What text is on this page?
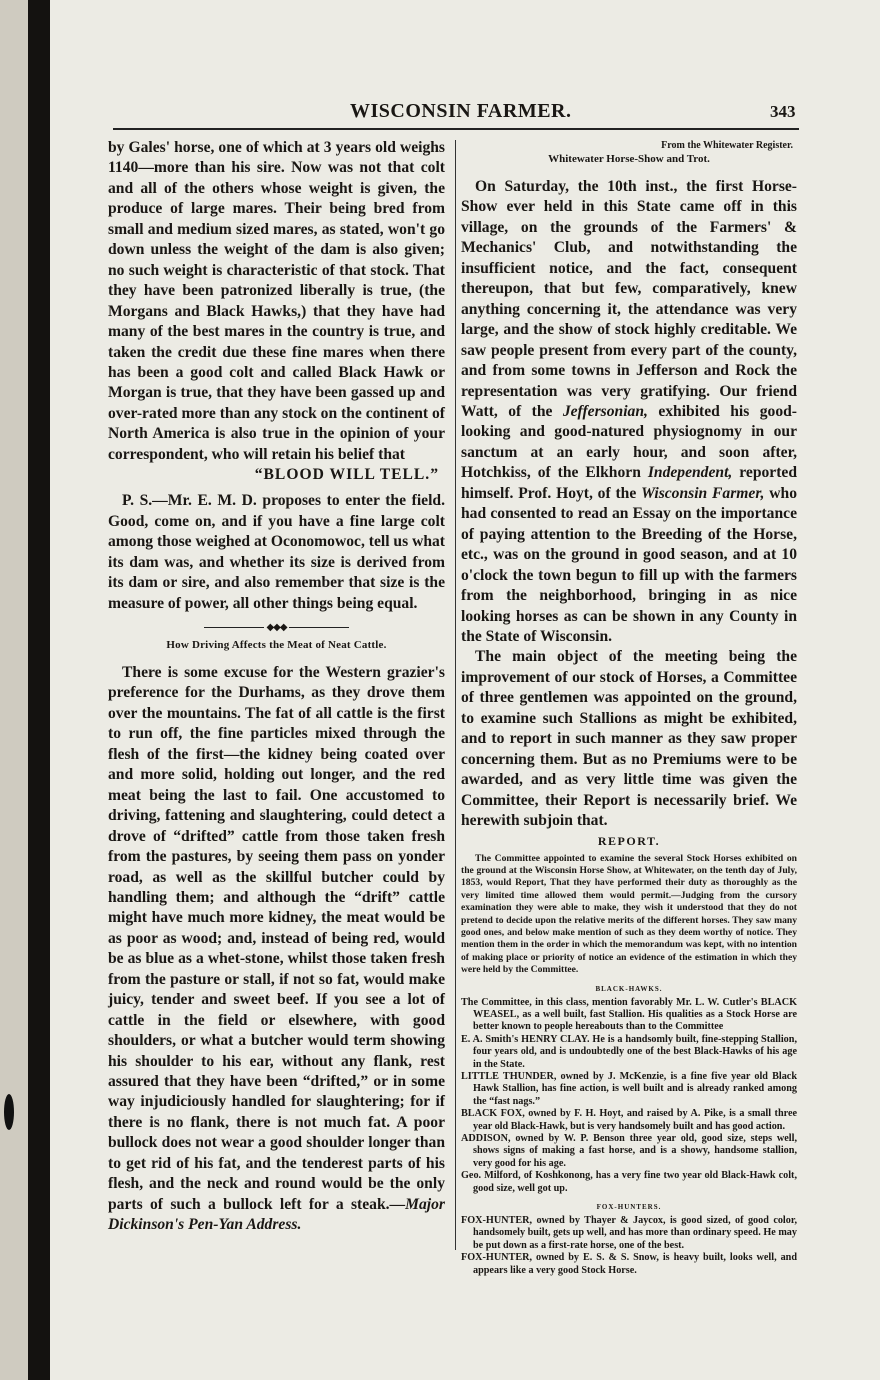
WISCONSIN FARMER.	343

by Gales' horse, one of which at 3 years old weighs 1140—more than his sire. Now was not that colt and all of the others whose weight is given, the produce of large mares. Their being bred from small and medium sized mares, as stated, won't go down unless the weight of the dam is also given; no such weight is characteristic of that stock. That they have been patronized liberally is true, (the Morgans and Black Hawks,) that they have had many of the best mares in the country is true, and taken the credit due these fine mares when there has been a good colt and called Black Hawk or Morgan is true, that they have been gassed up and over-rated more than any stock on the continent of North America is also true in the opinion of your correspondent, who will retain his belief that

“BLOOD WILL TELL.”

P. S.—Mr. E. M. D. proposes to enter the field. Good, come on, and if you have a fine large colt among those weighed at Oconomowoc, tell us what its dam was, and whether its size is derived from its dam or sire, and also remember that size is the measure of power, all other things being equal.

◆◆◆
How Driving Affects the Meat of Neat Cattle.

There is some excuse for the Western grazier's preference for the Durhams, as they drove them over the mountains. The fat of all cattle is the first to run off, the fine particles mixed through the flesh of the first—the kidney being coated over and more solid, holding out longer, and the red meat being the last to fail. One accustomed to driving, fattening and slaughtering, could detect a drove of “drifted” cattle from those taken fresh from the pastures, by seeing them pass on yonder road, as well as the skillful butcher could by handling them; and although the “drift” cattle might have much more kidney, the meat would be as poor as wood; and, instead of being red, would be as blue as a whet-stone, whilst those taken fresh from the pasture or stall, if not so fat, would make juicy, tender and sweet beef. If you see a lot of cattle in the field or elsewhere, with good shoulders, or what a butcher would term showing his shoulder to his ear, without any flank, rest assured that they have been “drifted,” or in some way injudiciously handled for slaughtering; for if there is no flank, there is not much fat. A poor bullock does not wear a good shoulder longer than to get rid of his fat, and the tenderest parts of his flesh, and the neck and round would be the only parts of such a bullock left for a steak.—Major Dickinson's Pen-Yan Address.

From the Whitewater Register.
Whitewater Horse-Show and Trot.

On Saturday, the 10th inst., the first Horse-Show ever held in this State came off in this village, on the grounds of the Farmers' & Mechanics' Club, and notwithstanding the insufficient notice, and the fact, consequent thereupon, that but few, comparatively, knew anything concerning it, the attendance was very large, and the show of stock highly creditable. We saw people present from every part of the county, and from some towns in Jefferson and Rock the representation was very gratifying. Our friend Watt, of the Jeffersonian, exhibited his good-looking and good-natured physiognomy in our sanctum at an early hour, and soon after, Hotchkiss, of the Elkhorn Independent, reported himself. Prof. Hoyt, of the Wisconsin Farmer, who had consented to read an Essay on the importance of paying attention to the Breeding of the Horse, etc., was on the ground in good season, and at 10 o'clock the town begun to fill up with the farmers from the neighborhood, bringing in as nice looking horses as can be shown in any County in the State of Wisconsin.

The main object of the meeting being the improvement of our stock of Horses, a Committee of three gentlemen was appointed on the ground, to examine such Stallions as might be exhibited, and to report in such manner as they saw proper concerning them. But as no Premiums were to be awarded, and as very little time was given the Committee, their Report is necessarily brief. We herewith subjoin that.

REPORT.

The Committee appointed to examine the several Stock Horses exhibited on the ground at the Wisconsin Horse Show, at Whitewater, on the tenth day of July, 1853, would Report, That they have performed their duty as thoroughly as the very limited time allowed them would permit.—Judging from the cursory examination they were able to make, they wish it understood that they do not pretend to decide upon the relative merits of the different horses. They saw many good ones, and below make mention of such as they deem worthy of notice. They mention them in the order in which the memorandum was kept, with no intention of making place or priority of notice an evidence of the estimation in which they were held by the Committee.

BLACK-HAWKS.

The Committee, in this class, mention favorably Mr. L. W. Cutler's BLACK WEASEL, as a well built, fast Stallion. His qualities as a Stock Horse are better known to people hereabouts than to the Committee

E. A. Smith's HENRY CLAY. He is a handsomly built, fine-stepping Stallion, four years old, and is undoubtedly one of the best Black-Hawks of his age in the State.

LITTLE THUNDER, owned by J. McKenzie, is a fine five year old Black Hawk Stallion, has fine action, is well built and is already ranked among the “fast nags.”

BLACK FOX, owned by F. H. Hoyt, and raised by A. Pike, is a small three year old Black-Hawk, but is very handsomely built and has good action.

ADDISON, owned by W. P. Benson three year old, good size, steps well, shows signs of making a fast horse, and is a showy, handsome stallion, very good for his age.

Geo. Milford, of Koshkonong, has a very fine two year old Black-Hawk colt, good size, well got up.

FOX-HUNTERS.

FOX-HUNTER, owned by Thayer & Jaycox, is good sized, of good color, handsomely built, gets up well, and has more than ordinary speed. He may be put down as a first-rate horse, one of the best.

FOX-HUNTER, owned by E. S. & S. Snow, is heavy built, looks well, and appears like a very good Stock Horse.
